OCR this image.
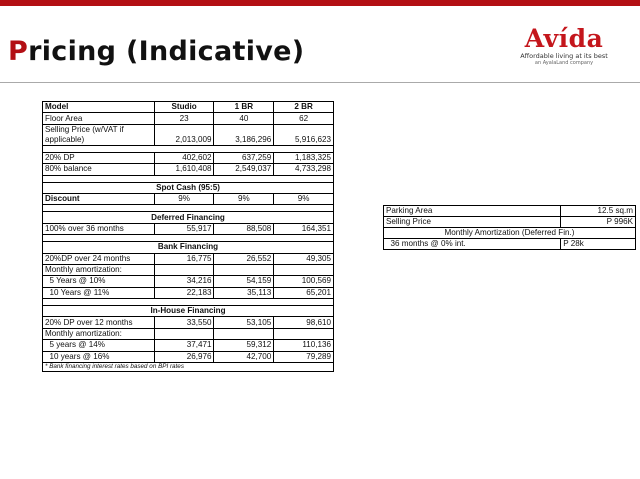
Pricing (Indicative)	Avída
Affordable living at its best
an AyalaLand company
Model	Studio	1 BR	2 BR
Floor Area	23	40	62
Selling Price (w/VAT if applicable)	2,013,009	3,186,296	5,916,623

20% DP	402,602	637,259	1,183,325
80% balance	1,610,408	2,549,037	4,733,298

Spot Cash (95:5)			
Discount	9%	9%	9%

Deferred Financing			
100% over 36 months	55,917	88,508	164,351

Bank Financing			
20%DP over 24 months	16,775	26,552	49,305
Monthly amortization:			
5 Years @ 10%	34,216	54,159	100,569
10 Years @ 11%	22,183	35,113	65,201

In-House Financing			
20% DP over 12 months	33,550	53,105	98,610
Monthly amortization:			
5 years @ 14%	37,471	59,312	110,136
10 years @ 16%	26,976	42,700	79,289
* Bank financing interest rates based on BPI rates			
Parking Area	12.5 sq.m
Selling Price	P 996K
Monthly Amortization (Deferred Fin.)	
36 months @ 0% int.	P 28k
